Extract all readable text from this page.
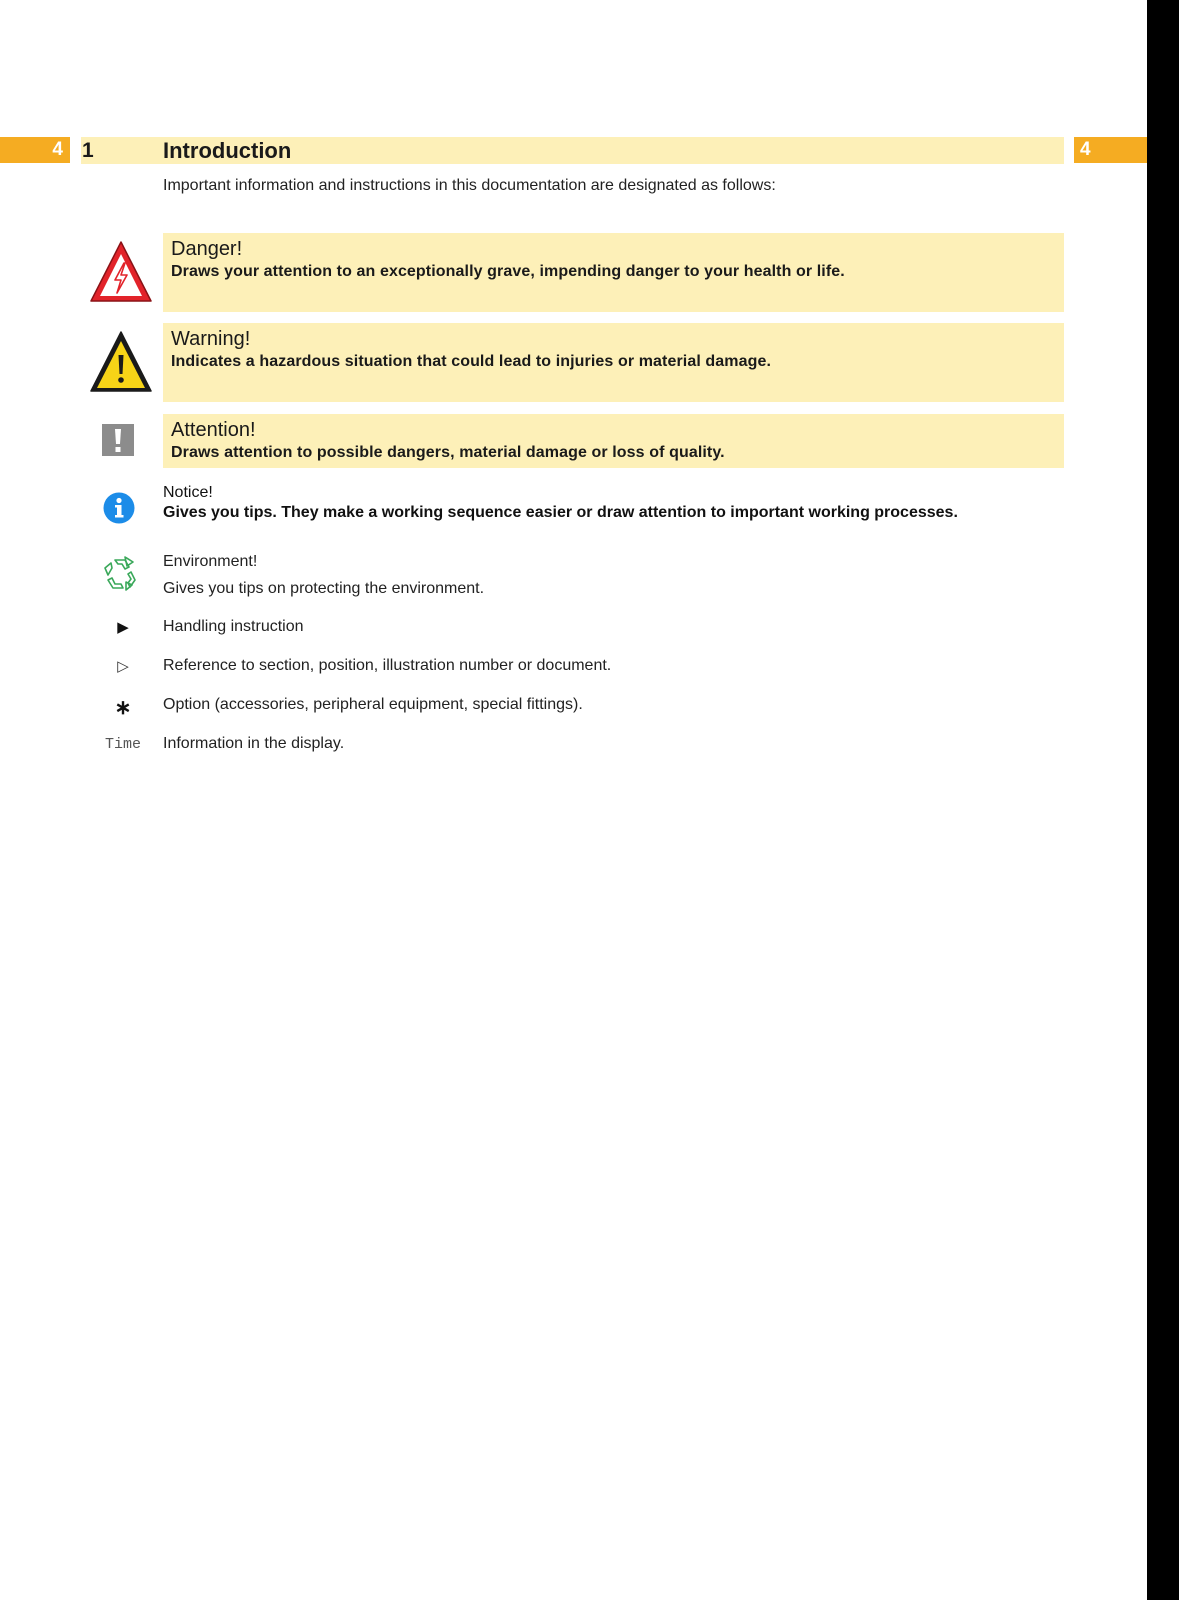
4 1	Introduction	4
Important information and instructions in this documentation are designated as follows:
Danger!
Draws your attention to an exceptionally grave, impending danger to your health or life.
Warning!
Indicates a hazardous situation that could lead to injuries or material damage.
Attention!
Draws attention to possible dangers, material damage or loss of quality.
Notice!
Gives you tips. They make a working sequence easier or draw attention to important working processes.
Environment!
Gives you tips on protecting the environment.
▶	Handling instruction
▷	Reference to section, position, illustration number or document.
∗	Option (accessories, peripheral equipment, special fittings).
Time	Information in the display.
